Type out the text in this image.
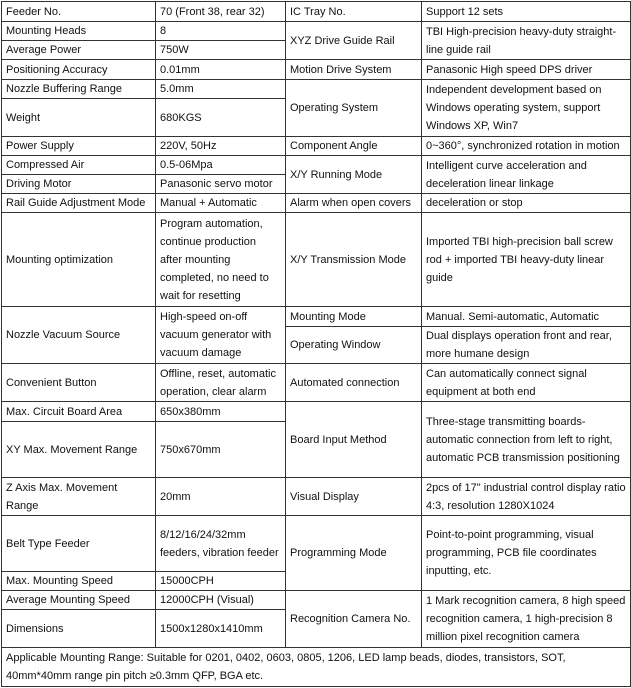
Feeder No.	70 (Front 38, rear 32)	IC Tray No.	Support 12 sets
Mounting Heads	8	XYZ Drive Guide Rail	TBI High-precision heavy-duty straight-line guide rail
Average Power	750W		
Positioning Accuracy	0.01mm	Motion Drive System	Panasonic High speed DPS driver
Nozzle Buffering Range	5.0mm	Operating System	Independent development based on Windows operating system, support Windows XP, Win7
Weight	680KGS		
Power Supply	220V, 50Hz	Component Angle	0~360°, synchronized rotation in motion
Compressed Air	0.5-06Mpa	X/Y Running Mode	Intelligent curve acceleration and deceleration linear linkage
Driving Motor	Panasonic servo motor		
Rail Guide Adjustment Mode	Manual + Automatic	Alarm when open covers	deceleration or stop
Mounting optimization	Program automation, continue production after mounting completed, no need to wait for resetting	X/Y Transmission Mode	Imported TBI high-precision ball screw rod + imported TBI heavy-duty linear guide
Nozzle Vacuum Source	High-speed on-off vacuum generator with vacuum damage	Mounting Mode	Manual. Semi-automatic, Automatic
		Operating Window	Dual displays operation front and rear, more humane design
Convenient Button	Offline, reset, automatic operation, clear alarm	Automated connection	Can automatically connect signal equipment at both end
Max. Circuit Board Area	650x380mm	Board Input Method	Three-stage transmitting boards-automatic connection from left to right, automatic PCB transmission positioning
XY Max. Movement Range	750x670mm		
Z Axis Max. Movement Range	20mm	Visual Display	2pcs of 17" industrial control display ratio 4:3, resolution 1280X1024
Belt Type Feeder	8/12/16/24/32mm feeders, vibration feeder	Programming Mode	Point-to-point programming, visual programming, PCB file coordinates inputting, etc.
Max. Mounting Speed	15000CPH		
Average Mounting Speed	12000CPH (Visual)	Recognition Camera No.	1 Mark recognition camera, 8 high speed recognition camera, 1 high-precision 8 million pixel recognition camera
Dimensions	1500x1280x1410mm		
Applicable Mounting Range: Suitable for 0201, 0402, 0603, 0805, 1206, LED lamp beads, diodes, transistors, SOT, 40mm*40mm range pin pitch ≥0.3mm QFP, BGA etc.			
